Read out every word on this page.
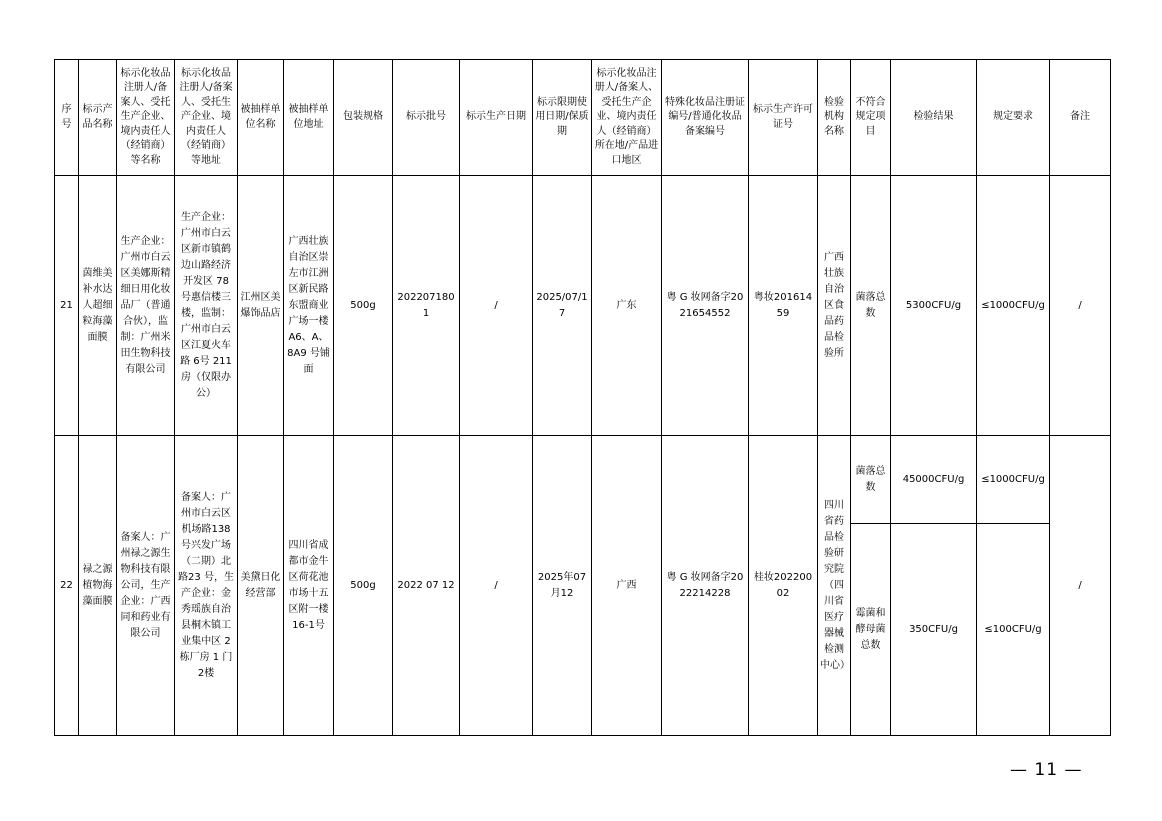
序号	标示产品名称	标示化妆品注册人/备案人、受托生产企业、境内责任人（经销商）等名称	标示化妆品注册人/备案人、受托生产企业、境内责任人（经销商）等地址	被抽样单位名称	被抽样单位地址	包装规格	标示批号	标示生产日期	标示限期使用日期/保质期	标示化妆品注册人/备案人、受托生产企业、境内责任人（经销商）所在地/产品进口地区	特殊化妆品注册证编号/普通化妆品备案编号	标示生产许可证号	检验机构名称	不符合规定项目	检验结果	规定要求	备注
21	茵维美补水达人超细粒海藻面膜	生产企业：广州市白云区美娜斯精细日用化妆品厂（普通合伙），监制：广州米田生物科技有限公司	生产企业：广州市白云区新市镇鹤边山路经济开发区 78 号惠信楼三楼，监制：广州市白云区江夏火车路 6号 211 房（仅限办公）	江州区美爆饰品店	广西壮族自治区崇左市江洲区新民路东盟商业广场一楼A6、A、8A9 号铺面	500g	2022071801	/	2025/07/17	广东	粤 G 妆网备字2021654552	粤妆20161459	广西壮族自治区食品药品检验所	菌落总数	5300CFU/g	≤1000CFU/g	/
22	禄之源植物海藻面膜	备案人：广州禄之源生物科技有限公司，生产企业：广西同和药业有限公司	备案人：广州市白云区机场路138 号兴发广场（二期）北路23 号，生产企业：金秀瑶族自治县桐木镇工业集中区 2 栋厂房 1 门2楼	美黛日化经营部	四川省成都市金牛区荷花池市场十五区附一楼16-1号	500g	2022 07 12	/	2025年07月12	广西	粤 G 妆网备字2022214228	桂妆20220002	四川省药品检验研究院（四川省医疗器械检测中心）	菌落总数	45000CFU/g	≤1000CFU/g	/
														霉菌和酵母菌总数	350CFU/g	≤100CFU/g	
— 11 —
